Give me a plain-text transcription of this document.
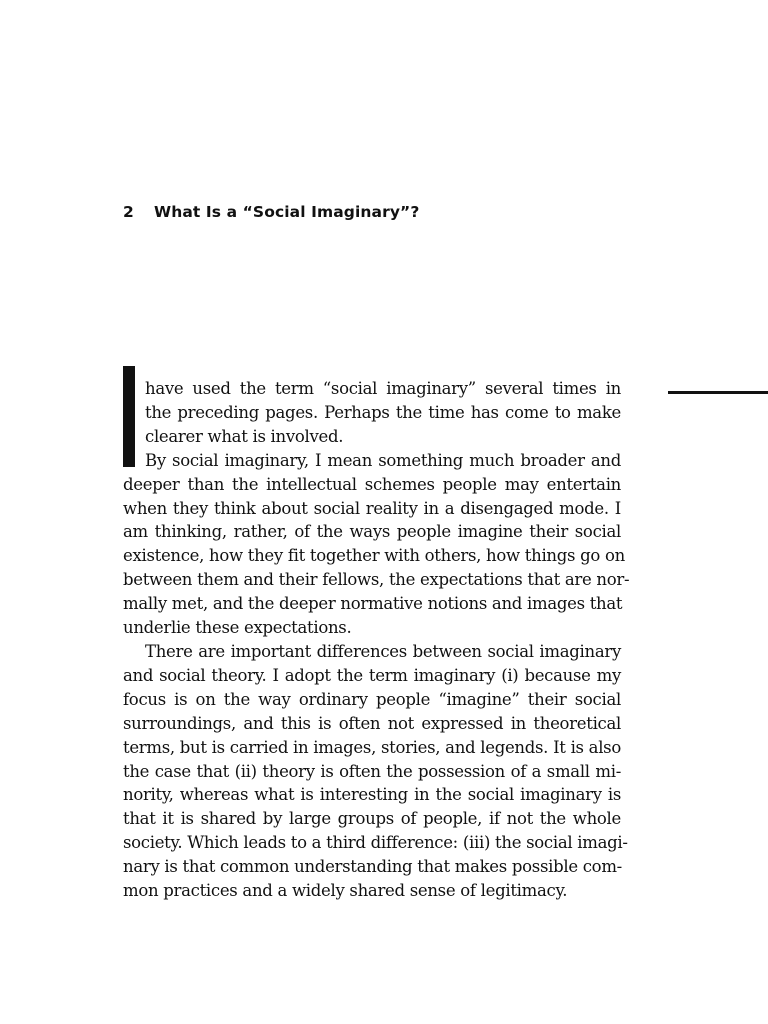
2 What Is a “Social Imaginary”?

have used the term “social imaginary” several times in
the preceding pages. Perhaps the time has come to make
clearer what is involved.

By social imaginary, I mean something much broader and
deeper than the intellectual schemes people may entertain
when they think about social reality in a disengaged mode. I
am thinking, rather, of the ways people imagine their social
existence, how they fit together with others, how things go on
between them and their fellows, the expectations that are nor-
mally met, and the deeper normative notions and images that
underlie these expectations.

There are important differences between social imaginary
and social theory. I adopt the term imaginary (i) because my
focus is on the way ordinary people “imagine” their social
surroundings, and this is often not expressed in theoretical
terms, but is carried in images, stories, and legends. It is also
the case that (ii) theory is often the possession of a small mi-
nority, whereas what is interesting in the social imaginary is
that it is shared by large groups of people, if not the whole
society. Which leads to a third difference: (iii) the social imagi-
nary is that common understanding that makes possible com-
mon practices and a widely shared sense of legitimacy.
